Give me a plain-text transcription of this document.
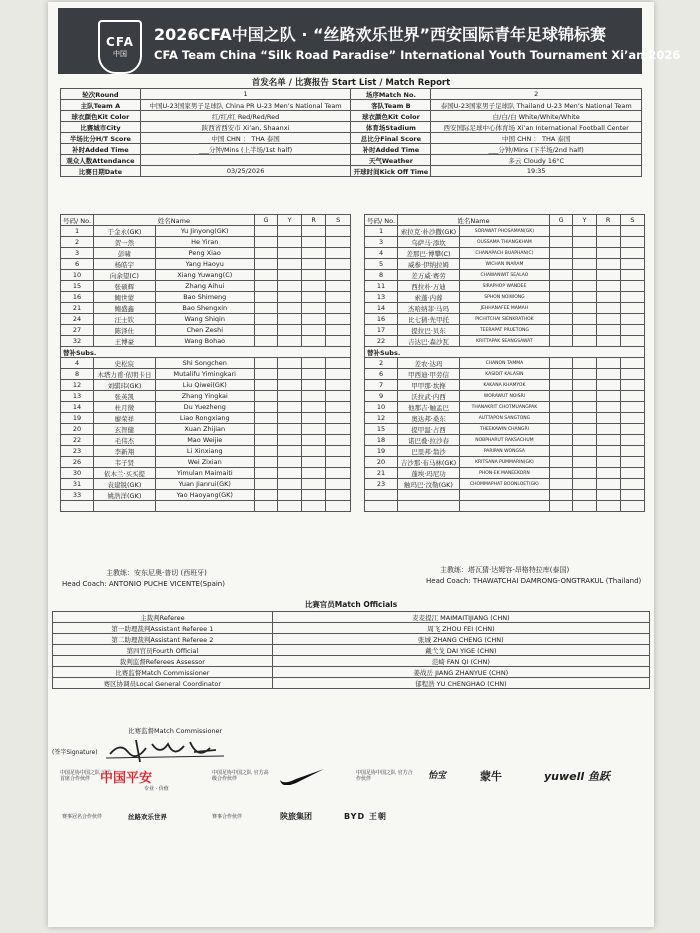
CFA
中国
2026CFA中国之队 · “丝路欢乐世界”西安国际青年足球锦标赛
CFA Team China “Silk Road Paradise” International Youth Tournament Xi’an 2026
首发名单 / 比赛报告 Start List / Match Report
轮次Round	1	场序Match No.	2
主队Team A	中国U-23国家男子足球队 China PR U-23 Men’s National Team	客队Team B	泰国U-23国家男子足球队 Thailand U-23 Men’s National Team
球衣颜色Kit Color	红/红/红 Red/Red/Red	球衣颜色Kit Color	白/白/白 White/White/White
比赛城市City	陕西省西安市 Xi’an, Shaanxi	体育场Stadium	西安国际足球中心体育场 Xi’an International Football Center
半场比分H/T Score	中国 CHN ： THA 泰国	总比分Final Score	中国 CHN ： THA 泰国
补时Added Time	___分钟/Mins (上半场/1st half)	补时Added Time	___分钟/Mins (下半场/2nd half)
观众人数Attendance		天气Weather	多云 Cloudy 16°C
比赛日期Date	03/25/2026	开球时间Kick Off Time	19:35
号码/ No.	姓名Name		G	Y	R	S
1	于金永(GK)	Yu Jinyong(GK)				
2	贺一然	He Yiran				
3	彭啸	Peng Xiao				
6	杨皓宇	Yang Haoyu				
10	向余望(C)	Xiang Yuwang(C)				
15	张硕辉	Zhang Aihui				
16	鲍世蒙	Bao Shimeng				
21	鲍盛鑫	Bao Shengxin				
24	汪士钦	Wang Shiqin				
27	陈泽仕	Chen Zeshi				
32	王博豪	Wang Bohao				
替补Subs.						
4	史松宸	Shi Songchen				
8	木塔力甫·依明卡日	Mutalifu Yimingkari				
12	刘骐玮(GK)	Liu Qiwei(GK)				
13	张英凯	Zhang Yingkai				
14	杜月徵	Du Yuezheng				
19	廖荣祥	Liao Rongxiang				
20	玄智健	Xuan Zhijian				
22	毛伟杰	Mao Weijie				
23	李新翔	Li Xinxiang				
26	韦子贤	Wei Zixian				
30	依木兰·买买提	Yimulan Maimaiti				
31	袁建锐(GK)	Yuan Jianrui(GK)				
33	姚浩洋(GK)	Yao Haoyang(GK)				

号码/ No.	姓名Name		G	Y	R	S
1	索拉克·朴沙撒(GK)	SORAWAT PHOSAMAN(GK)				
3	乌萨马·添坎	OUSSAMA THIANGKHAM				
4	差那巴·博攀(C)	CHANAPACH BUAPHAN(C)				
5	威参·伊纳拉姆	WICHAN INARAM				
8	差万威·赛劳	CHAWANWIT SEALAO				
11	西拉朴·万迪	SIRAPHOP WANDEE				
13	索蓬·内蓉	SPHON NOIWONG				
14	杰哈纳菲·马玛	JEHHANAFEE MAMAH				
16	比七猜·先甲托	PICHITCHAI SIENKRATHOK				
17	提拉巴·贝东	TEERAPAT PRUETONG				
22	吉达巴·森沙瓦	KRITTAPAK SEANGSAWAT				
替补Subs.						
2	差农·达玛	CHANON TAMMA				
6	甲西迪·甲劳信	KASIDIT KALASIN				
7	甲甲那·坎搀	KAKANA KHAMYOK				
9	沃拉武·内西	WORAWUT NOISRI				
10	他那吉·触孟巴	THANAKRIT CHOTMUANGPAK				
12	奥达邦·桑东	AUTTAPON SANGTONG				
15	提甲温·占西	THEEKAWIN CHANGRI				
18	诺巴叠·拉沙春	NOBPHARUT RAKSACHUM				
19	巴里邦·翁沙	PARIPAN WONGSA				
20	吉沙那·布马林(GK)	KRITSANA PUMMARIN(GK)				
21	蓬埃·玛尼功	PHON-EK MANEEKORN				
23	触玛巴·汶勒(GK)	CHOMMAPHAT BOONLOET(GK)				

主教练：安东尼奥·普切 (西班牙)
Head Coach: ANTONIO PUCHE VICENTE(Spain)
主教练：塔瓦猜·达姆容-昂格特拉库(泰国)
Head Coach: THAWATCHAI DAMRONG-ONGTRAKUL (Thailand)
比赛官员Match Officials
主裁判Referee	麦麦提江 MAIMAITIJIANG (CHN)
第一助理裁判Assistant Referee 1	周飞 ZHOU FEI (CHN)
第二助理裁判Assistant Referee 2	张城 ZHANG CHENG (CHN)
第四官员Fourth Official	戴弋戈 DAI YIGE (CHN)
裁判监督Referees Assessor	范崎 FAN QI (CHN)
比赛监督Match Commissioner	姜战岳 JIANG ZHANYUE (CHN)
赛区协调员Local General Coordinator	郁程浩 YU CHENGHAO (CHN)
比赛监督Match Commissioner
(签字Signature)
中国足协中国之队 官方首席合作伙伴 中国平安
专业 · 价值
中国足协中国之队 官方高级合作伙伴
中国足协中国之队 官方合作伙伴	怡宝	蒙牛	yuwell 鱼跃
赛事冠名合作伙伴	丝路欢乐世界	赛事合作伙伴	陕旅集团	BYD 王朝
